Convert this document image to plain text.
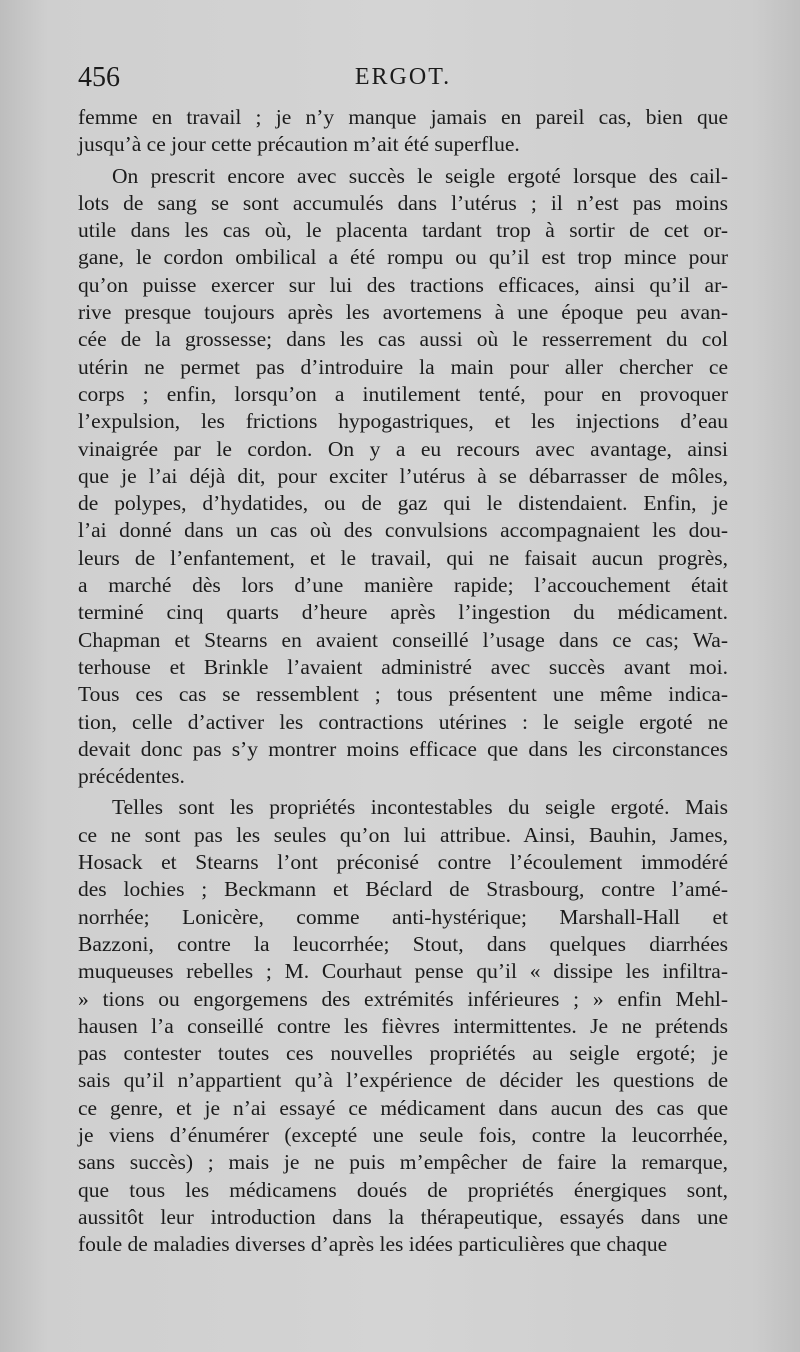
456	ERGOT.
femme en travail ; je n’y manque jamais en pareil cas, bien que
jusqu’à ce jour cette précaution m’ait été superflue.
On prescrit encore avec succès le seigle ergoté lorsque des cail-
lots de sang se sont accumulés dans l’utérus ; il n’est pas moins
utile dans les cas où, le placenta tardant trop à sortir de cet or-
gane, le cordon ombilical a été rompu ou qu’il est trop mince pour
qu’on puisse exercer sur lui des tractions efficaces, ainsi qu’il ar-
rive presque toujours après les avortemens à une époque peu avan-
cée de la grossesse; dans les cas aussi où le resserrement du col
utérin ne permet pas d’introduire la main pour aller chercher ce
corps ; enfin, lorsqu’on a inutilement tenté, pour en provoquer
l’expulsion, les frictions hypogastriques, et les injections d’eau
vinaigrée par le cordon. On y a eu recours avec avantage, ainsi
que je l’ai déjà dit, pour exciter l’utérus à se débarrasser de môles,
de polypes, d’hydatides, ou de gaz qui le distendaient. Enfin, je
l’ai donné dans un cas où des convulsions accompagnaient les dou-
leurs de l’enfantement, et le travail, qui ne faisait aucun progrès,
a marché dès lors d’une manière rapide; l’accouchement était
terminé cinq quarts d’heure après l’ingestion du médicament.
Chapman et Stearns en avaient conseillé l’usage dans ce cas; Wa-
terhouse et Brinkle l’avaient administré avec succès avant moi.
Tous ces cas se ressemblent ; tous présentent une même indica-
tion, celle d’activer les contractions utérines : le seigle ergoté ne
devait donc pas s’y montrer moins efficace que dans les circonstances
précédentes.
Telles sont les propriétés incontestables du seigle ergoté. Mais
ce ne sont pas les seules qu’on lui attribue. Ainsi, Bauhin, James,
Hosack et Stearns l’ont préconisé contre l’écoulement immodéré
des lochies ; Beckmann et Béclard de Strasbourg, contre l’amé-
norrhée; Lonicère, comme anti-hystérique; Marshall-Hall et
Bazzoni, contre la leucorrhée; Stout, dans quelques diarrhées
muqueuses rebelles ; M. Courhaut pense qu’il « dissipe les infiltra-
» tions ou engorgemens des extrémités inférieures ; » enfin Mehl-
hausen l’a conseillé contre les fièvres intermittentes. Je ne prétends
pas contester toutes ces nouvelles propriétés au seigle ergoté; je
sais qu’il n’appartient qu’à l’expérience de décider les questions de
ce genre, et je n’ai essayé ce médicament dans aucun des cas que
je viens d’énumérer (excepté une seule fois, contre la leucorrhée,
sans succès) ; mais je ne puis m’empêcher de faire la remarque,
que tous les médicamens doués de propriétés énergiques sont,
aussitôt leur introduction dans la thérapeutique, essayés dans une
foule de maladies diverses d’après les idées particulières que chaque
